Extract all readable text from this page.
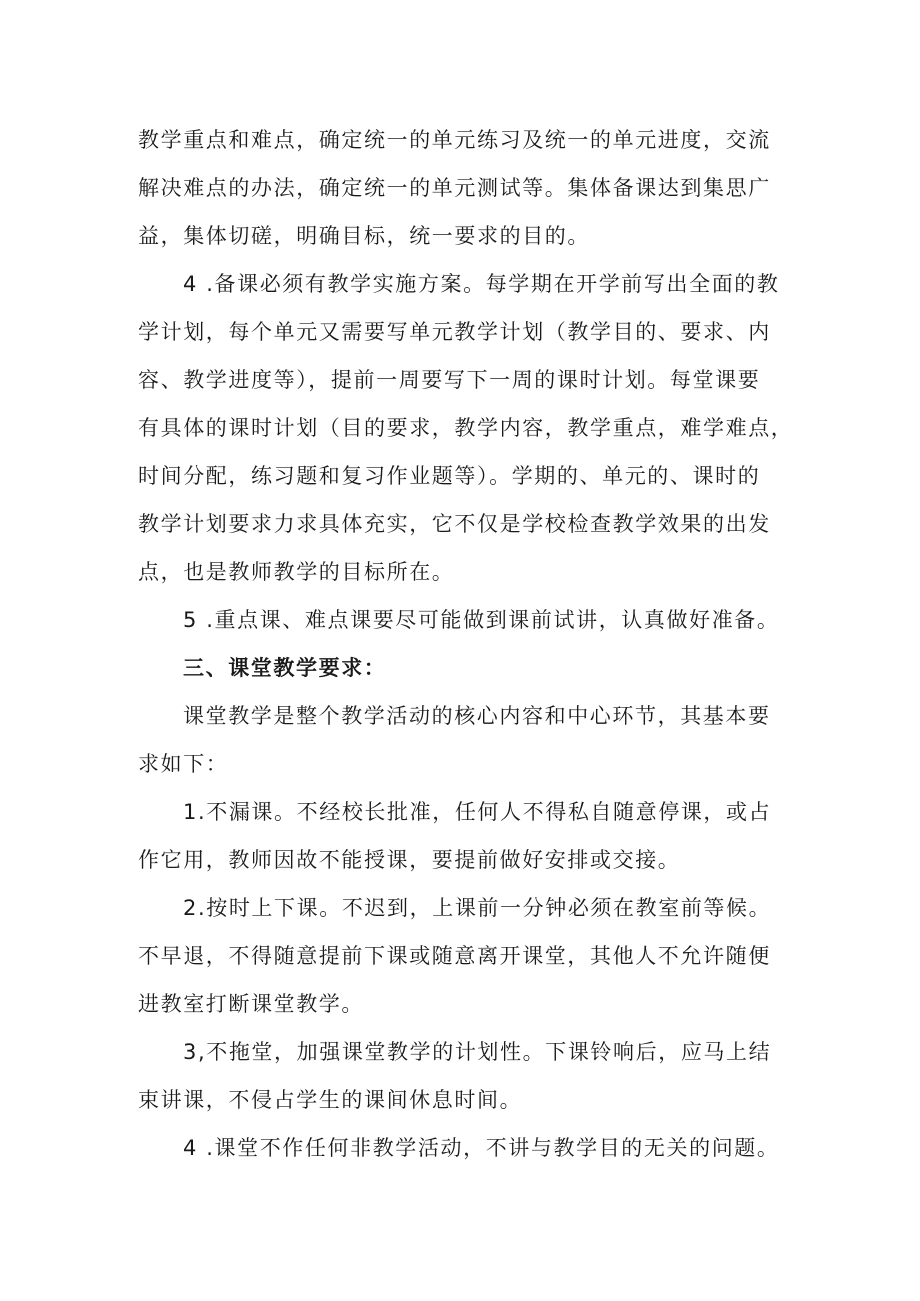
教学重点和难点，确定统一的单元练习及统一的单元进度，交流
解决难点的办法，确定统一的单元测试等。集体备课达到集思广
益，集体切磋，明确目标，统一要求的目的。
4 .备课必须有教学实施方案。每学期在开学前写出全面的教
学计划，每个单元又需要写单元教学计划（教学目的、要求、内
容、教学进度等），提前一周要写下一周的课时计划。每堂课要
有具体的课时计划（目的要求，教学内容，教学重点，难学难点，
时间分配，练习题和复习作业题等）。学期的、单元的、课时的
教学计划要求力求具体充实，它不仅是学校检查教学效果的出发
点，也是教师教学的目标所在。
5 .重点课、难点课要尽可能做到课前试讲，认真做好准备。
三、课堂教学要求：
课堂教学是整个教学活动的核心内容和中心环节，其基本要
求如下：
1.不漏课。不经校长批准，任何人不得私自随意停课，或占
作它用，教师因故不能授课，要提前做好安排或交接。
2.按时上下课。不迟到，上课前一分钟必须在教室前等候。
不早退，不得随意提前下课或随意离开课堂，其他人不允许随便
进教室打断课堂教学。
3,不拖堂，加强课堂教学的计划性。下课铃响后，应马上结
束讲课，不侵占学生的课间休息时间。
4 .课堂不作任何非教学活动，不讲与教学目的无关的问题。
